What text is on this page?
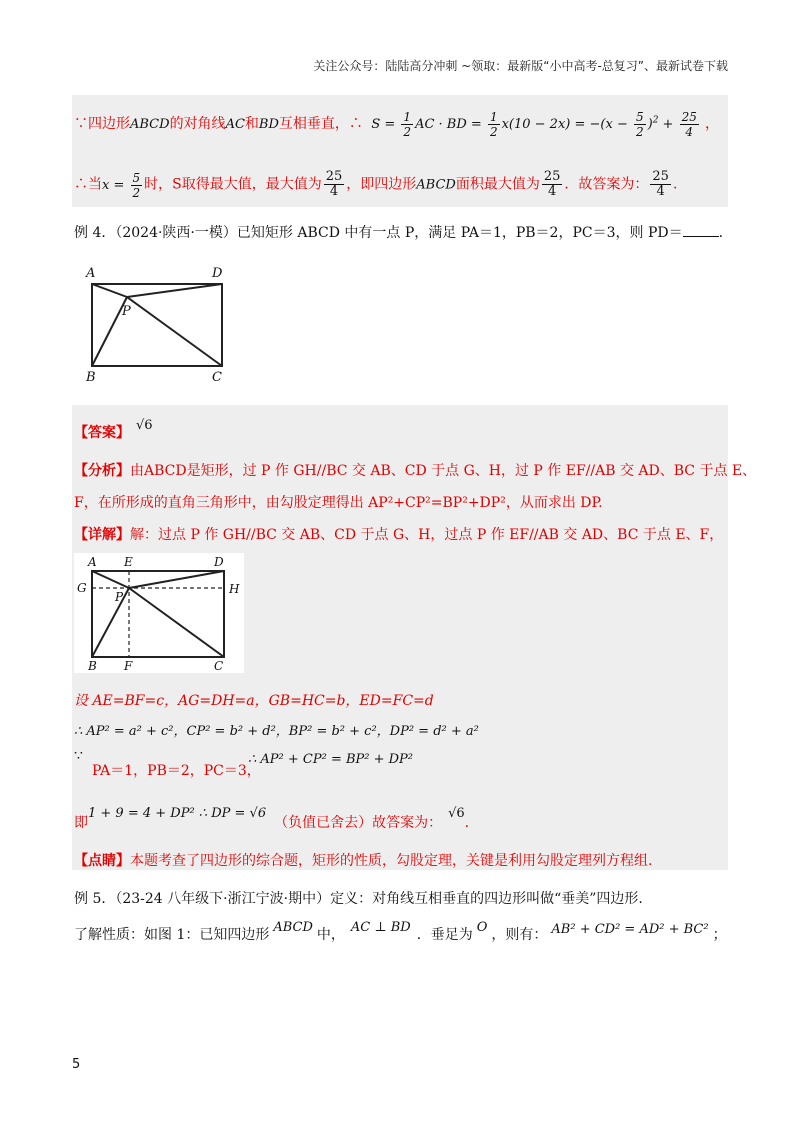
关注公众号：陆陆高分冲刺 ~领取：最新版“小中高考-总复习”、最新试卷下载
∵四边形ABCD的对角线AC和BD互相垂直，∴ $S = \frac{1}{2}$ AC · BD = $\frac{1}{2} x(10 - 2x) = -(x - \frac{5}{2} )^2 + \frac{25}{4}$ ，
∴当$x = \frac{5}{2}$ 时，S取得最大值，最大值为 $\frac{25}{4}$ ，即四边形ABCD面积最大值为 $\frac{25}{4}$ ．故答案为： $\frac{25}{4}$ .
例 4．（2024·陕西·一模）已知矩形 ABCD 中有一点 P，满足 PA＝1，PB＝2，PC＝3，则 PD＝	.
A	D
P
B	C
【答案】 √6
【分析】由ABCD是矩形，过 P 作 GH//BC 交 AB、CD 于点 G、H，过 P 作 EF//AB 交 AD、BC 于点 E、
F，在所形成的直角三角形中，由勾股定理得出 AP²+CP²=BP²+DP²，从而求出 DP.
【详解】解：过点 P 作 GH//BC 交 AB、CD 于点 G、H，过点 P 作 EF//AB 交 AD、BC 于点 E、F，
A E	D
G	H
P
B F	C
设 AE=BF=c，AG=DH=a，GB=HC=b，ED=FC=d
∴ AP² = a² + c²，CP² = b² + d²，BP² = b² + c²，DP² = d² + a²
∵
PA＝1，PB＝2，PC＝3，
∴ AP² + CP² = BP² + DP²
即1 + 9 = 4 + DP² ∴ DP = √6（负值已舍去）故答案为：√6.
【点睛】本题考查了四边形的综合题，矩形的性质，勾股定理，关键是利用勾股定理列方程组.
例 5．（23-24 八年级下·浙江宁波·期中）定义：对角线互相垂直的四边形叫做“垂美”四边形.
了解性质：如图 1：已知四边形 ABCD 中， AC ⊥ BD ．垂足为 O ，则有： AB² + CD² = AD² + BC² ；
5
